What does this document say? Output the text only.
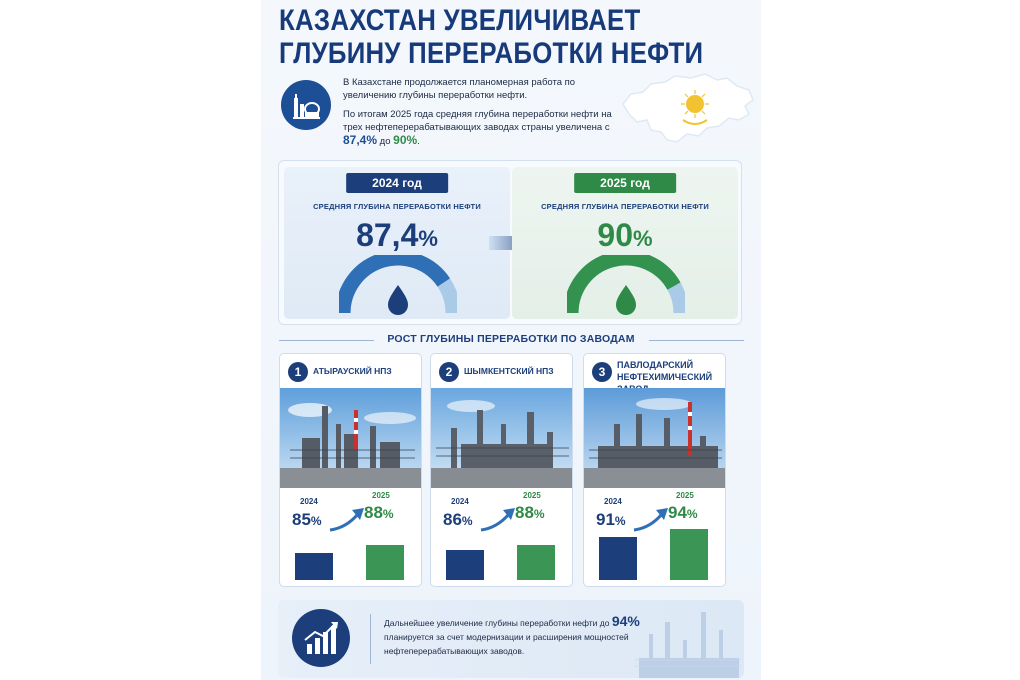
КАЗАХСТАН УВЕЛИЧИВАЕТ
ГЛУБИНУ ПЕРЕРАБОТКИ НЕФТИ

В Казахстане продолжается планомерная работа по увеличению глубины переработки нефти.

По итогам 2025 года средняя глубина переработки нефти на трех нефтеперерабатывающих заводах страны увеличена с 87,4% до 90%.

2024 год
СРЕДНЯЯ ГЛУБИНА ПЕРЕРАБОТКИ НЕФТИ
87,4%
2025 год
СРЕДНЯЯ ГЛУБИНА ПЕРЕРАБОТКИ НЕФТИ
90%
РОСТ ГЛУБИНЫ ПЕРЕРАБОТКИ ПО ЗАВОДАМ
1	АТЫРАУСКИЙ НПЗ
2024
2025
85% 88%
2	ШЫМКЕНТСКИЙ НПЗ
2024
2025
86% 88%
3	ПАВЛОДАРСКИЙ НЕФТЕХИМИЧЕСКИЙ
2024
2025
91% 94%

Дальнейшее увеличение глубины переработки нефти до 94% планируется за счет модернизации и расширения мощностей нефтеперерабатывающих заводов.
